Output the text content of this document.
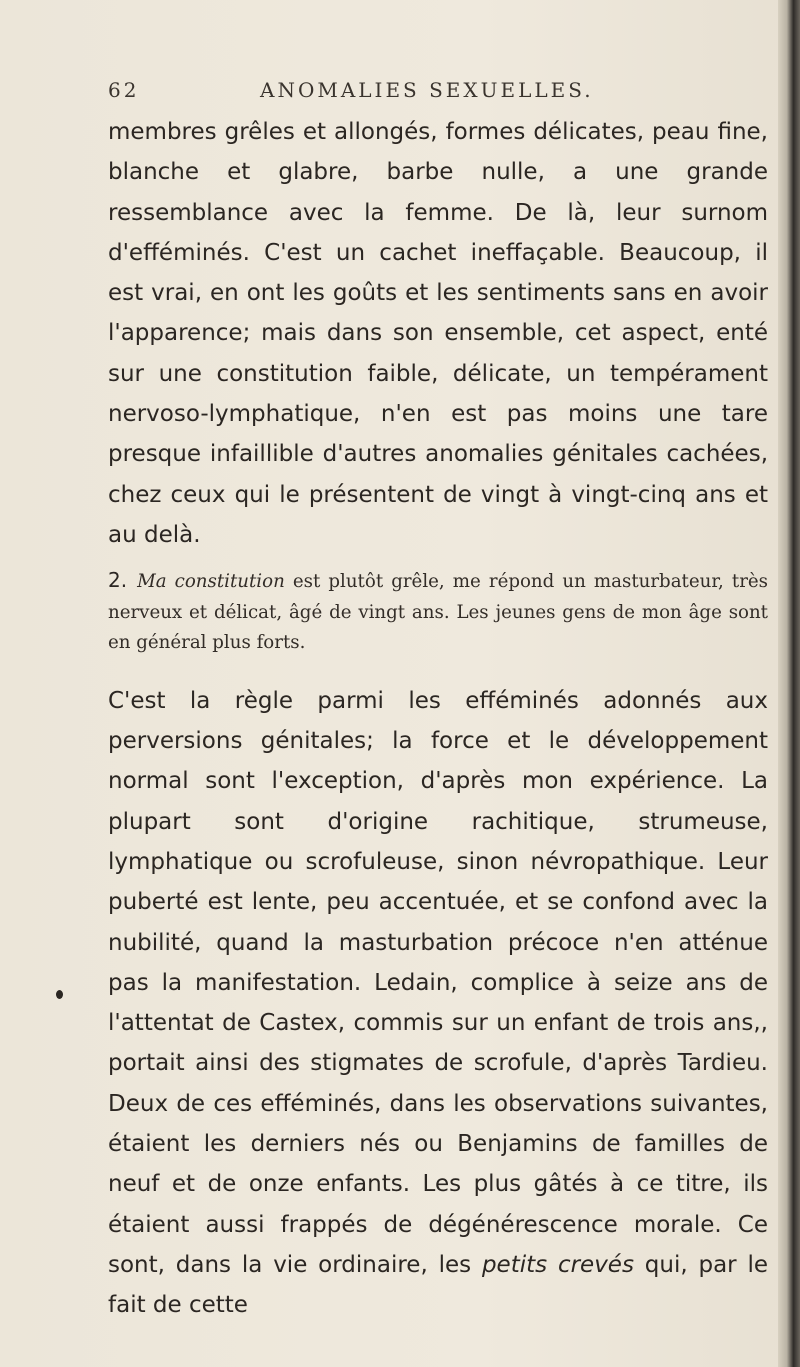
62	ANOMALIES SEXUELLES.

membres grêles et allongés, formes délicates, peau fine, blanche et glabre, barbe nulle, a une grande ressemblance avec la femme. De là, leur surnom d'efféminés. C'est un cachet ineffaçable. Beaucoup, il est vrai, en ont les goûts et les sentiments sans en avoir l'apparence; mais dans son ensemble, cet aspect, enté sur une constitution faible, délicate, un tempérament nervoso-lymphatique, n'en est pas moins une tare presque infaillible d'autres anomalies génitales cachées, chez ceux qui le présentent de vingt à vingt-cinq ans et au delà.

2. Ma constitution est plutôt grêle, me répond un masturbateur, très nerveux et délicat, âgé de vingt ans. Les jeunes gens de mon âge sont en général plus forts.

C'est la règle parmi les efféminés adonnés aux perversions génitales; la force et le développement normal sont l'exception, d'après mon expérience. La plupart sont d'origine rachitique, strumeuse, lymphatique ou scrofuleuse, sinon névropathique. Leur puberté est lente, peu accentuée, et se confond avec la nubilité, quand la masturbation précoce n'en atténue pas la manifestation. Ledain, complice à seize ans de l'attentat de Castex, commis sur un enfant de trois ans,, portait ainsi des stigmates de scrofule, d'après Tardieu. Deux de ces efféminés, dans les observations suivantes, étaient les derniers nés ou Benjamins de familles de neuf et de onze enfants. Les plus gâtés à ce titre, ils étaient aussi frappés de dégénérescence morale. Ce sont, dans la vie ordinaire, les petits crevés qui, par le fait de cette
